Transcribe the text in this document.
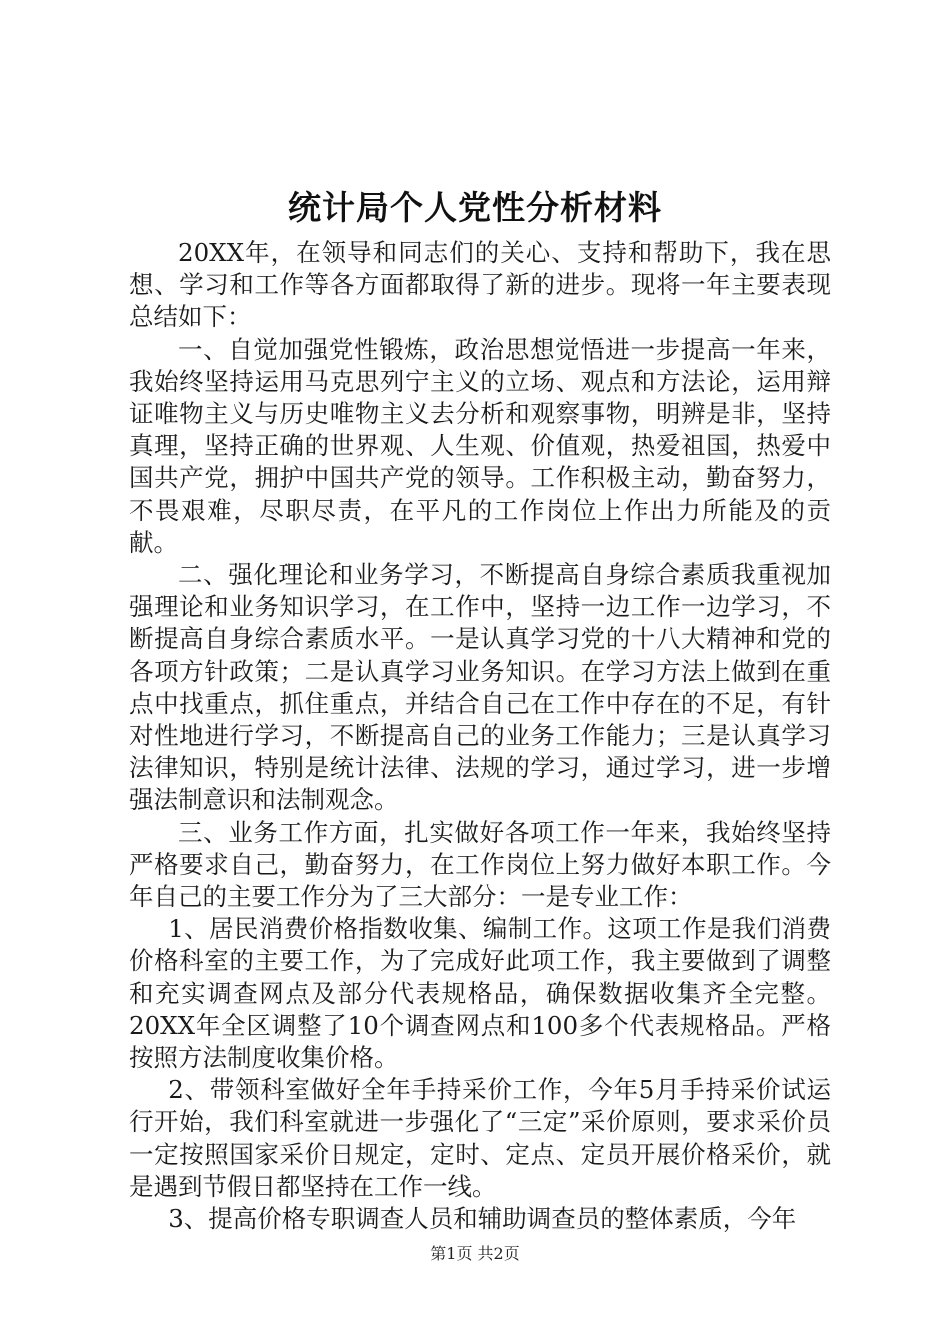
统计局个人党性分析材料

20XX年，在领导和同志们的关心、支持和帮助下，我在思想、学习和工作等各方面都取得了新的进步。现将一年主要表现总结如下：

一、自觉加强党性锻炼，政治思想觉悟进一步提高一年来，我始终坚持运用马克思列宁主义的立场、观点和方法论，运用辩证唯物主义与历史唯物主义去分析和观察事物，明辨是非，坚持真理，坚持正确的世界观、人生观、价值观，热爱祖国，热爱中国共产党，拥护中国共产党的领导。工作积极主动，勤奋努力，不畏艰难，尽职尽责，在平凡的工作岗位上作出力所能及的贡献。

二、强化理论和业务学习，不断提高自身综合素质我重视加强理论和业务知识学习，在工作中，坚持一边工作一边学习，不断提高自身综合素质水平。一是认真学习党的十八大精神和党的各项方针政策；二是认真学习业务知识。在学习方法上做到在重点中找重点，抓住重点，并结合自己在工作中存在的不足，有针对性地进行学习，不断提高自己的业务工作能力；三是认真学习法律知识，特别是统计法律、法规的学习，通过学习，进一步增强法制意识和法制观念。

三、业务工作方面，扎实做好各项工作一年来，我始终坚持严格要求自己，勤奋努力，在工作岗位上努力做好本职工作。今年自己的主要工作分为了三大部分：一是专业工作：

1、居民消费价格指数收集、编制工作。这项工作是我们消费价格科室的主要工作，为了完成好此项工作，我主要做到了调整和充实调查网点及部分代表规格品，确保数据收集齐全完整。20XX年全区调整了10个调查网点和100多个代表规格品。严格按照方法制度收集价格。

2、带领科室做好全年手持采价工作，今年5月手持采价试运行开始，我们科室就进一步强化了“三定”采价原则，要求采价员一定按照国家采价日规定，定时、定点、定员开展价格采价，就是遇到节假日都坚持在工作一线。

3、提高价格专职调查人员和辅助调查员的整体素质，今年

第1页 共2页
